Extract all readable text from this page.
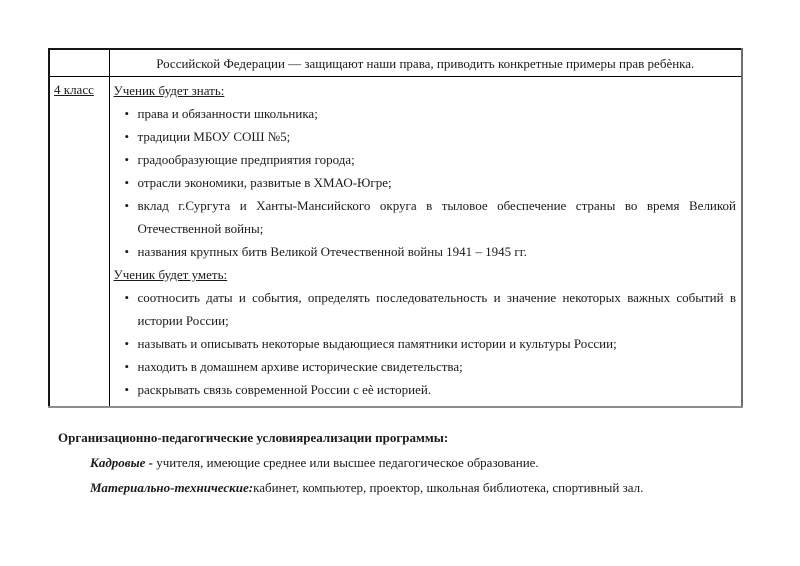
	Российской Федерации — защищают наши права, приводить конкретные примеры прав ребѐнка.
4 класс	Ученик будет знать:

• права и обязанности школьника;
• традиции МБОУ СОШ №5;
• градообразующие предприятия города;
• отрасли экономики, развитые в ХМАО-Югре;
• вклад г.Сургута и Ханты-Мансийского округа в тыловое обеспечение страны во время Великой Отечественной войны;
• названия крупных битв Великой Отечественной войны 1941 – 1945 гг.

Ученик будет уметь:

• соотносить даты и события, определять последовательность и значение некоторых важных событий в истории России;
• называть и описывать некоторые выдающиеся памятники истории и культуры России;
• находить в домашнем архиве исторические свидетельства;
• раскрывать связь современной России с еѐ историей.

Организационно-педагогические условияреализации программы:

Кадровые - учителя, имеющие среднее или высшее педагогическое образование.

Материально-технические:кабинет, компьютер, проектор, школьная библиотека, спортивный зал.
